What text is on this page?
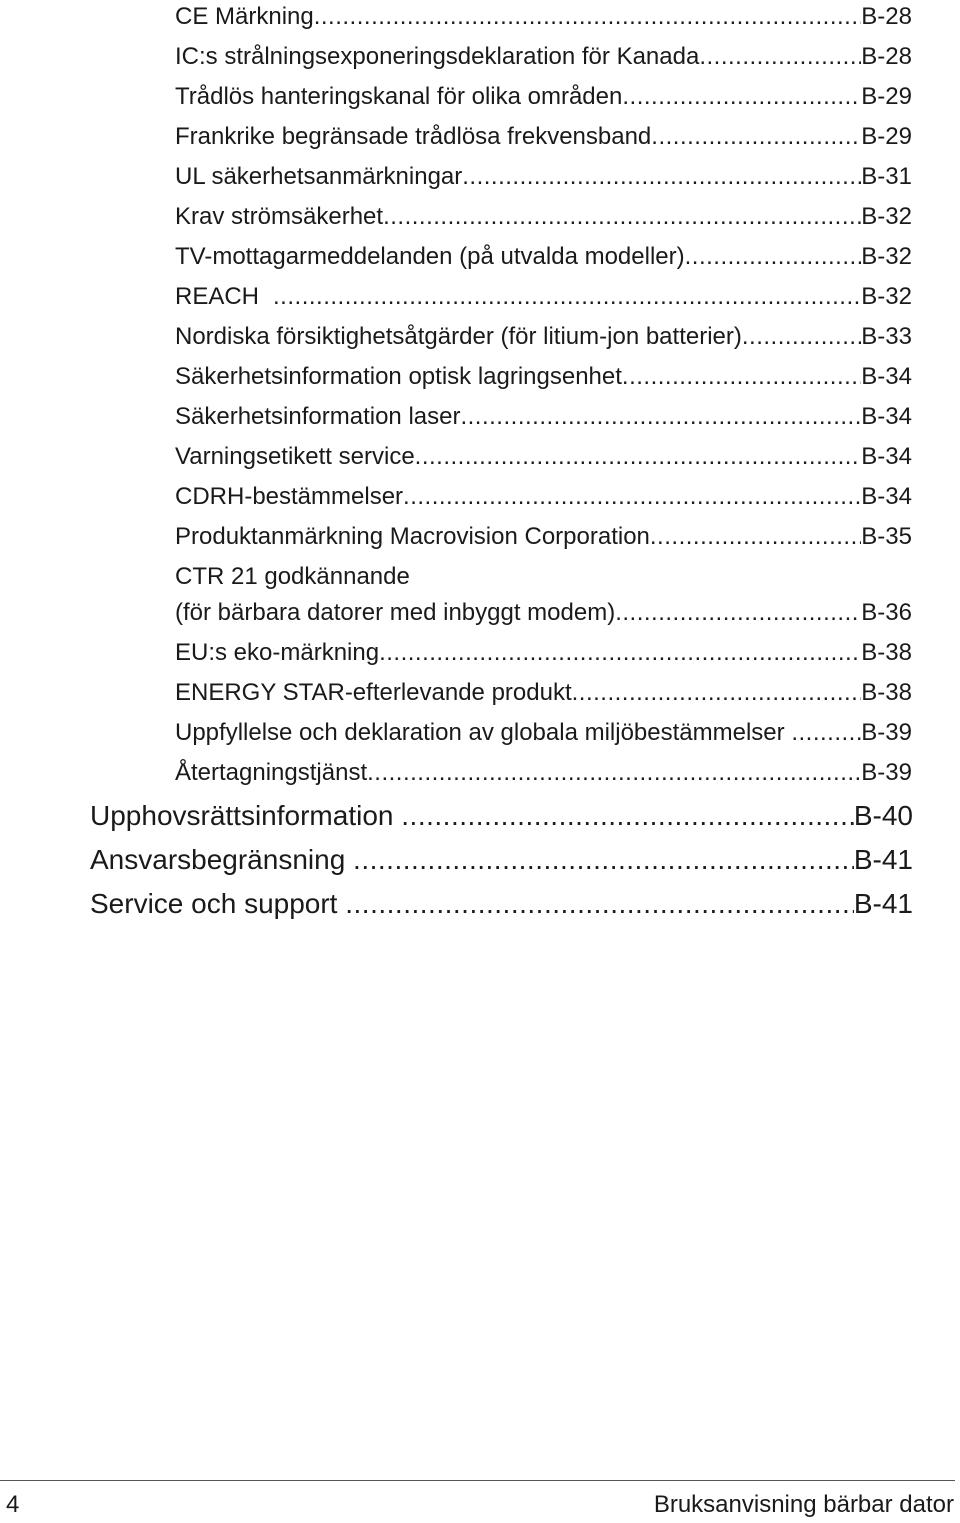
CE Märkning .....	B-28
IC:s strålningsexponeringsdeklaration för Kanada .....	B-28
Trådlös hanteringskanal för olika områden .....	B-29
Frankrike begränsade trådlösa frekvensband .....	B-29
UL säkerhetsanmärkningar .....	B-31
Krav strömsäkerhet .....	B-32
TV-mottagarmeddelanden (på utvalda modeller) .....	B-32
REACH .....	B-32
Nordiska försiktighetsåtgärder (för litium-jon batterier) .....	B-33
Säkerhetsinformation optisk lagringsenhet .....	B-34
Säkerhetsinformation laser .....	B-34
Varningsetikett service .....	B-34
CDRH-bestämmelser .....	B-34
Produktanmärkning Macrovision Corporation .....	B-35
CTR 21 godkännande
(för bärbara datorer med inbyggt modem) .....	B-36
EU:s eko-märkning .....	B-38
ENERGY STAR-efterlevande produkt .....	B-38
Uppfyllelse och deklaration av globala miljöbestämmelser .....	B-39
Återtagningstjänst .....	B-39
Upphovsrättsinformation .....	B-40
Ansvarsbegränsning .....	B-41
Service och support .....	B-41
4	Bruksanvisning bärbar dator
